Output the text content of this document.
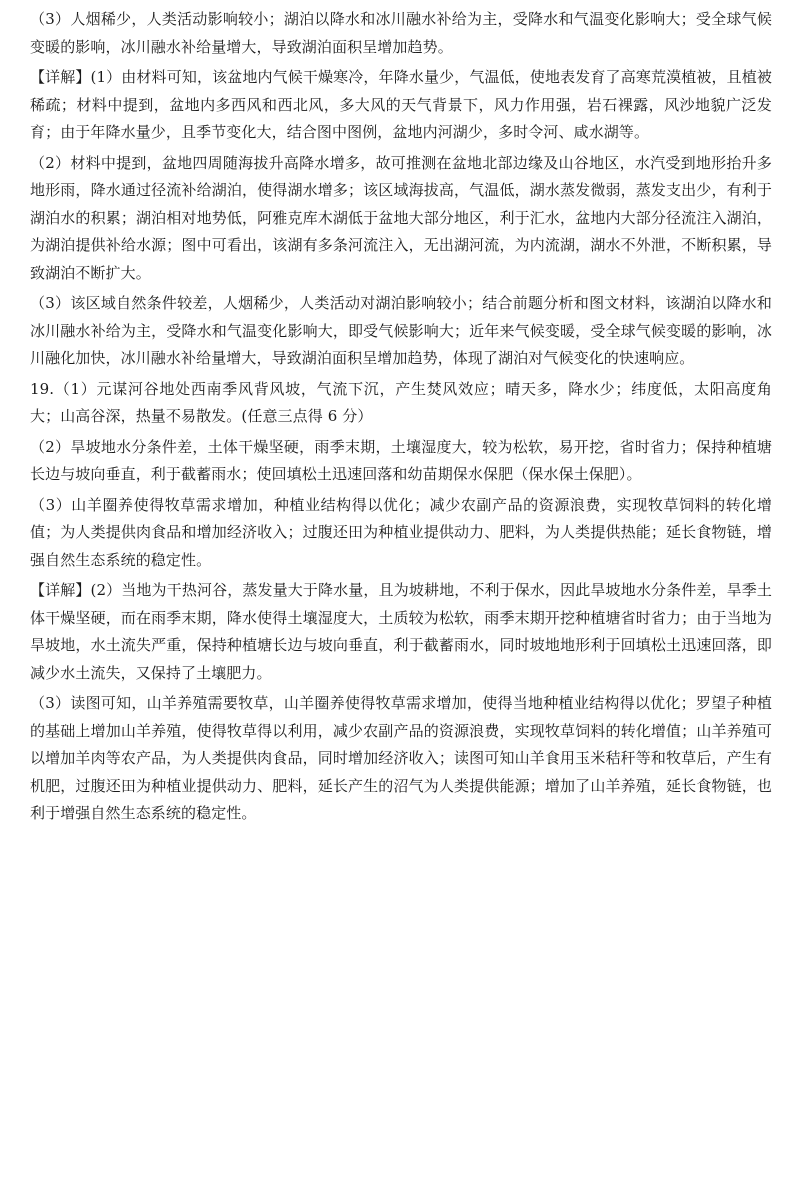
（3）人烟稀少，人类活动影响较小；湖泊以降水和冰川融水补给为主，受降水和气温变化影响大；受全球气候变暖的影响，冰川融水补给量增大，导致湖泊面积呈增加趋势。

【详解】(1）由材料可知，该盆地内气候干燥寒冷，年降水量少，气温低，使地表发育了高寒荒漠植被，且植被稀疏；材料中提到，盆地内多西风和西北风，多大风的天气背景下，风力作用强，岩石裸露，风沙地貌广泛发育；由于年降水量少，且季节变化大，结合图中图例，盆地内河湖少，多时令河、咸水湖等。

（2）材料中提到，盆地四周随海拔升高降水增多，故可推测在盆地北部边缘及山谷地区，水汽受到地形抬升多地形雨，降水通过径流补给湖泊，使得湖水增多；该区域海拔高，气温低，湖水蒸发微弱，蒸发支出少，有利于湖泊水的积累；湖泊相对地势低，阿雅克库木湖低于盆地大部分地区，利于汇水，盆地内大部分径流注入湖泊，为湖泊提供补给水源；图中可看出，该湖有多条河流注入，无出湖河流，为内流湖，湖水不外泄，不断积累，导致湖泊不断扩大。

（3）该区域自然条件较差，人烟稀少，人类活动对湖泊影响较小；结合前题分析和图文材料，该湖泊以降水和冰川融水补给为主，受降水和气温变化影响大，即受气候影响大；近年来气候变暖，受全球气候变暖的影响，冰川融化加快，冰川融水补给量增大，导致湖泊面积呈增加趋势，体现了湖泊对气候变化的快速响应。

19.（1）元谋河谷地处西南季风背风坡，气流下沉，产生焚风效应；晴天多，降水少；纬度低，太阳高度角大；山高谷深，热量不易散发。(任意三点得 6 分）

（2）旱坡地水分条件差，土体干燥坚硬，雨季末期，土壤湿度大，较为松软，易开挖，省时省力；保持种植塘长边与坡向垂直，利于截蓄雨水；使回填松土迅速回落和幼苗期保水保肥（保水保土保肥）。

（3）山羊圈养使得牧草需求增加，种植业结构得以优化；减少农副产品的资源浪费，实现牧草饲料的转化增值；为人类提供肉食品和增加经济收入；过腹还田为种植业提供动力、肥料，为人类提供热能；延长食物链，增强自然生态系统的稳定性。

【详解】(2）当地为干热河谷，蒸发量大于降水量，且为坡耕地，不利于保水，因此旱坡地水分条件差，旱季土体干燥坚硬，而在雨季末期，降水使得土壤湿度大，土质较为松软，雨季末期开挖种植塘省时省力；由于当地为旱坡地，水土流失严重，保持种植塘长边与坡向垂直，利于截蓄雨水，同时坡地地形利于回填松土迅速回落，即减少水土流失，又保持了土壤肥力。

（3）读图可知，山羊养殖需要牧草，山羊圈养使得牧草需求增加，使得当地种植业结构得以优化；罗望子种植的基础上增加山羊养殖，使得牧草得以利用，减少农副产品的资源浪费，实现牧草饲料的转化增值；山羊养殖可以增加羊肉等农产品，为人类提供肉食品，同时增加经济收入；读图可知山羊食用玉米秸秆等和牧草后，产生有机肥，过腹还田为种植业提供动力、肥料，延长产生的沼气为人类提供能源；增加了山羊养殖，延长食物链，也利于增强自然生态系统的稳定性。
